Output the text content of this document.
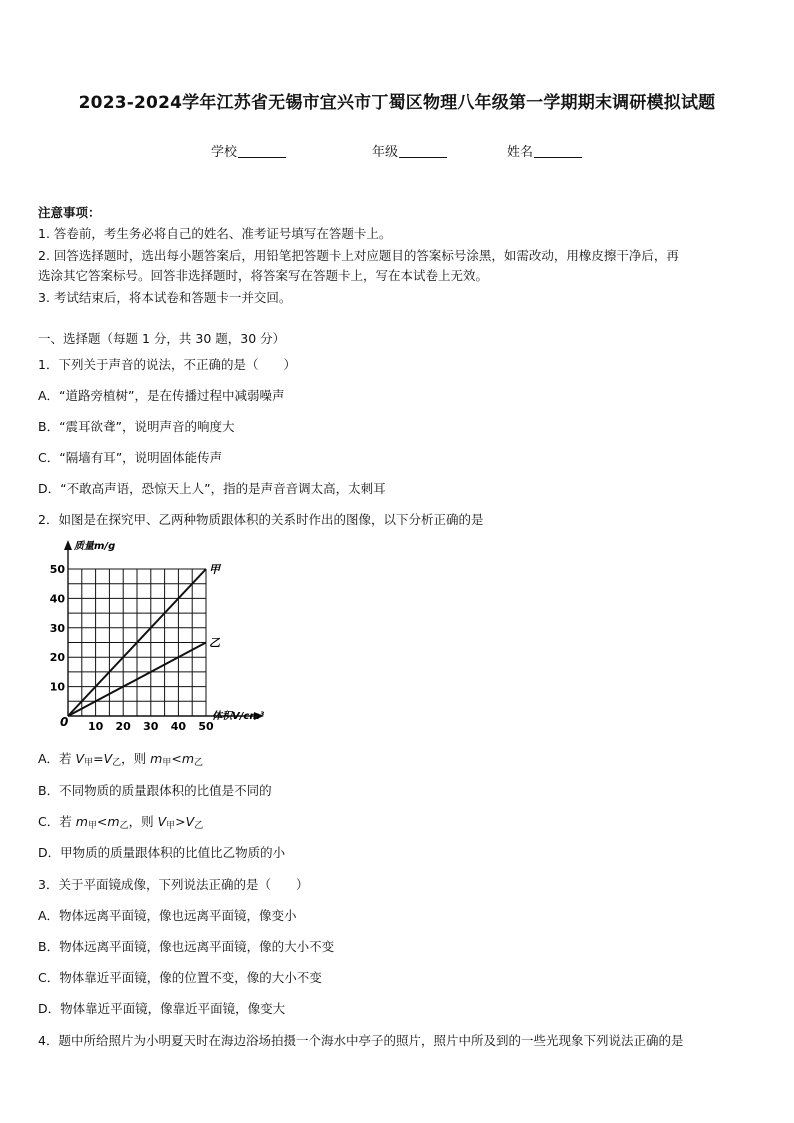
2023-2024学年江苏省无锡市宜兴市丁蜀区物理八年级第一学期期末调研模拟试题
学校	年级	姓名
注意事项：
1. 答卷前，考生务必将自己的姓名、准考证号填写在答题卡上。
2. 回答选择题时，选出每小题答案后，用铅笔把答题卡上对应题目的答案标号涂黑，如需改动，用橡皮擦干净后，再
选涂其它答案标号。回答非选择题时，将答案写在答题卡上，写在本试卷上无效。
3. 考试结束后，将本试卷和答题卡一并交回。
一、选择题（每题 1 分，共 30 题，30 分）
1．下列关于声音的说法，不正确的是（　　）
A．“道路旁植树”，是在传播过程中减弱噪声
B．“震耳欲聋”，说明声音的响度大
C．“隔墙有耳”，说明固体能传声
D．“不敢高声语，恐惊天上人”，指的是声音音调太高，太刺耳
2．如图是在探究甲、乙两种物质跟体积的关系时作出的图像，以下分析正确的是
10 20 30 40 50
10
20
30
40
50
0
质量m/g
体积V/cm³
甲
乙
A．若 $V_甲=V_乙$，则 $m_甲<m_乙$
B．不同物质的质量跟体积的比值是不同的
C．若 $m_甲<m_乙$，则 $V_甲>V_乙$
D．甲物质的质量跟体积的比值比乙物质的小
3．关于平面镜成像，下列说法正确的是（　　）
A．物体远离平面镜，像也远离平面镜，像变小
B．物体远离平面镜，像也远离平面镜，像的大小不变
C．物体靠近平面镜，像的位置不变，像的大小不变
D．物体靠近平面镜，像靠近平面镜，像变大
4．题中所给照片为小明夏天时在海边浴场拍摄一个海水中亭子的照片，照片中所及到的一些光现象下列说法正确的是
